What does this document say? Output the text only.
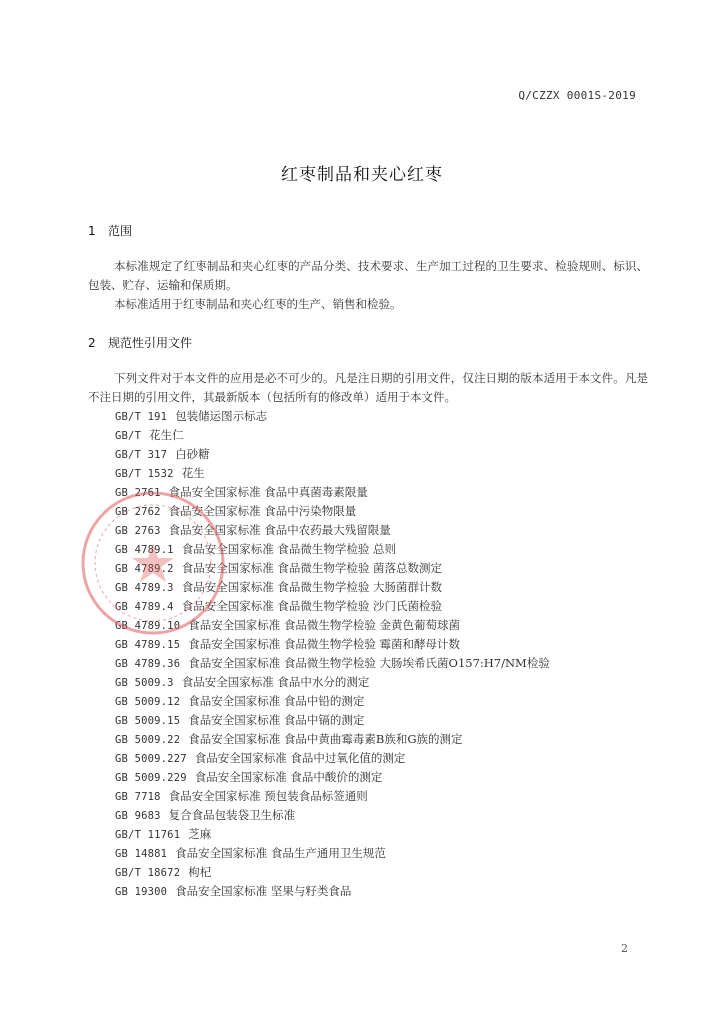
Q/CZZX 0001S-2019
红枣制品和夹心红枣
1 范围

本标准规定了红枣制品和夹心红枣的产品分类、技术要求、生产加工过程的卫生要求、检验规则、标识、包装、贮存、运输和保质期。

本标准适用于红枣制品和夹心红枣的生产、销售和检验。

2 规范性引用文件

下列文件对于本文件的应用是必不可少的。凡是注日期的引用文件，仅注日期的版本适用于本文件。凡是不注日期的引用文件，其最新版本（包括所有的修改单）适用于本文件。

GB/T 191 包装储运图示标志
GB/T 花生仁
GB/T 317 白砂糖
GB/T 1532 花生
GB 2761 食品安全国家标准 食品中真菌毒素限量
GB 2762 食品安全国家标准 食品中污染物限量
GB 2763 食品安全国家标准 食品中农药最大残留限量
GB 4789.1 食品安全国家标准 食品微生物学检验 总则
GB 4789.2 食品安全国家标准 食品微生物学检验 菌落总数测定
GB 4789.3 食品安全国家标准 食品微生物学检验 大肠菌群计数
GB 4789.4 食品安全国家标准 食品微生物学检验 沙门氏菌检验
GB 4789.10 食品安全国家标准 食品微生物学检验 金黄色葡萄球菌
GB 4789.15 食品安全国家标准 食品微生物学检验 霉菌和酵母计数
GB 4789.36 食品安全国家标准 食品微生物学检验 大肠埃希氏菌O157:H7/NM检验
GB 5009.3 食品安全国家标准 食品中水分的测定
GB 5009.12 食品安全国家标准 食品中铅的测定
GB 5009.15 食品安全国家标准 食品中镉的测定
GB 5009.22 食品安全国家标准 食品中黄曲霉毒素B族和G族的测定
GB 5009.227 食品安全国家标准 食品中过氧化值的测定
GB 5009.229 食品安全国家标准 食品中酸价的测定
GB 7718 食品安全国家标准 预包装食品标签通则
GB 9683 复合食品包装袋卫生标准
GB/T 11761 芝麻
GB 14881 食品安全国家标准 食品生产通用卫生规范
GB/T 18672 枸杞
GB 19300 食品安全国家标准 坚果与籽类食品
2
